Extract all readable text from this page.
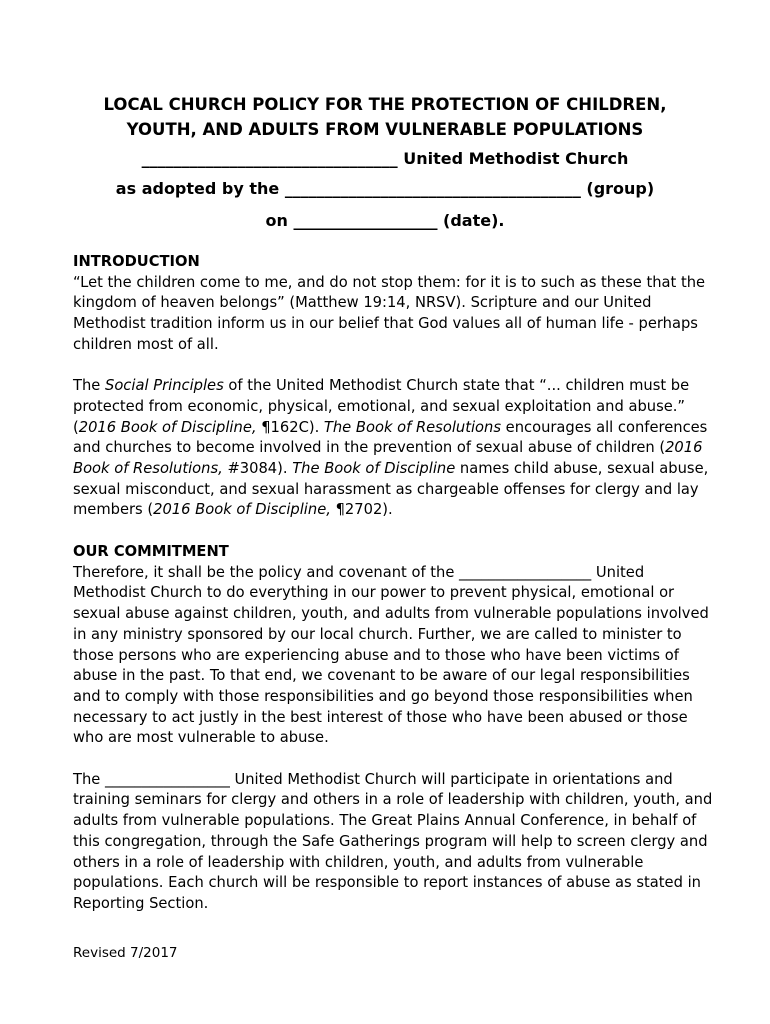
LOCAL CHURCH POLICY FOR THE PROTECTION OF CHILDREN,
YOUTH, AND ADULTS FROM VULNERABLE POPULATIONS
________________________________ United Methodist Church
as adopted by the _____________________________________ (group)
on __________________ (date).

INTRODUCTION

“Let the children come to me, and do not stop them: for it is to such as these that the kingdom of heaven belongs” (Matthew 19:14, NRSV). Scripture and our United Methodist tradition inform us in our belief that God values all of human life - perhaps children most of all.

The Social Principles of the United Methodist Church state that “... children must be protected from economic, physical, emotional, and sexual exploitation and abuse.” (2016 Book of Discipline, ¶162C). The Book of Resolutions encourages all conferences and churches to become involved in the prevention of sexual abuse of children (2016 Book of Resolutions, #3084). The Book of Discipline names child abuse, sexual abuse, sexual misconduct, and sexual harassment as chargeable offenses for clergy and lay members (2016 Book of Discipline, ¶2702).

OUR COMMITMENT

Therefore, it shall be the policy and covenant of the __________________ United Methodist Church to do everything in our power to prevent physical, emotional or sexual abuse against children, youth, and adults from vulnerable populations involved in any ministry sponsored by our local church. Further, we are called to minister to those persons who are experiencing abuse and to those who have been victims of abuse in the past. To that end, we covenant to be aware of our legal responsibilities and to comply with those responsibilities and go beyond those responsibilities when necessary to act justly in the best interest of those who have been abused or those who are most vulnerable to abuse.

The _________________ United Methodist Church will participate in orientations and training seminars for clergy and others in a role of leadership with children, youth, and adults from vulnerable populations. The Great Plains Annual Conference, in behalf of this congregation, through the Safe Gatherings program will help to screen clergy and others in a role of leadership with children, youth, and adults from vulnerable populations. Each church will be responsible to report instances of abuse as stated in Reporting Section.

Revised 7/2017
